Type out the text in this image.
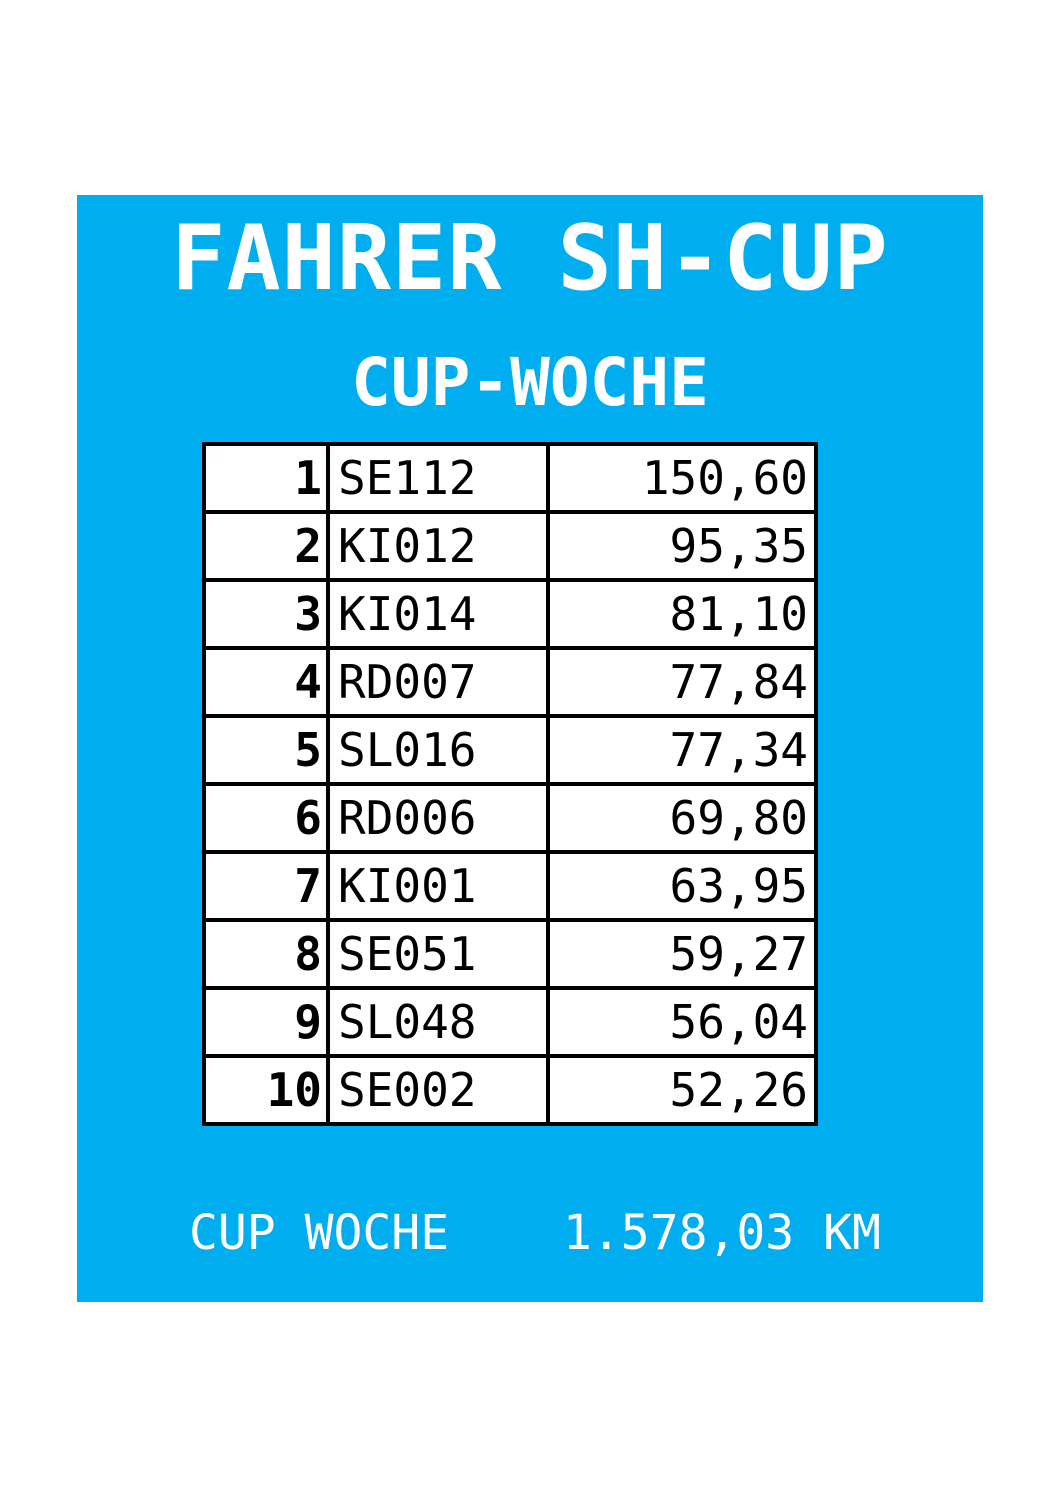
FAHRER SH-CUP
CUP-WOCHE
1	SE112	150,60
2	KI012	95,35
3	KI014	81,10
4	RD007	77,84
5	SL016	77,34
6	RD006	69,80
7	KI001	63,95
8	SE051	59,27
9	SL048	56,04
10	SE002	52,26
CUP WOCHE 1.578,03 KM
